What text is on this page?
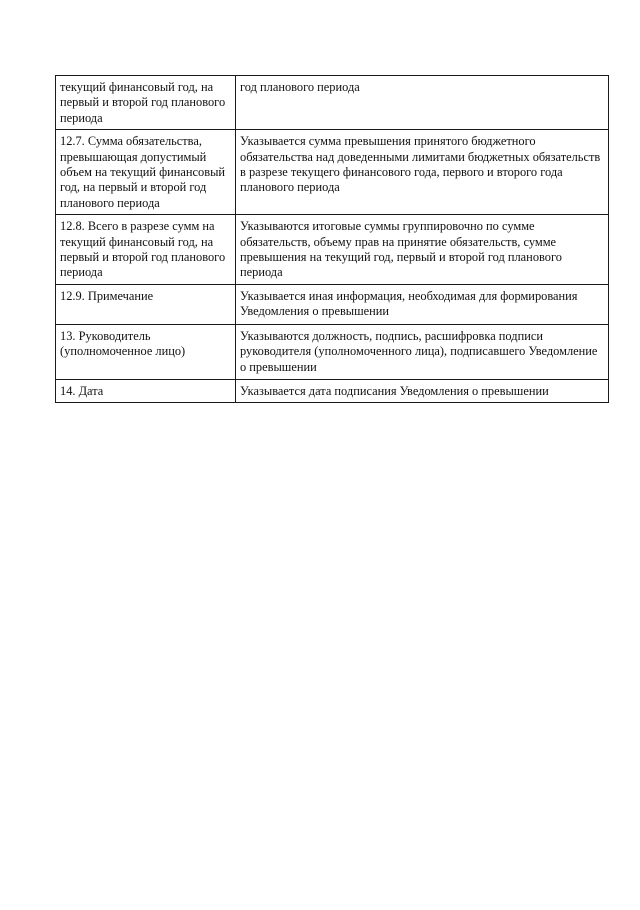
текущий финансовый год, на первый и второй год планового периода	год планового периода
12.7. Сумма обязательства, превышающая допустимый объем на текущий финансовый год, на первый и второй год планового периода	Указывается сумма превышения принятого бюджетного обязательства над доведенными лимитами бюджетных обязательств в разрезе текущего финансового года, первого и второго года планового периода
12.8. Всего в разрезе сумм на текущий финансовый год, на первый и второй год планового периода	Указываются итоговые суммы группировочно по сумме обязательств, объему прав на принятие обязательств, сумме превышения на текущий год, первый и второй год планового периода
12.9. Примечание	Указывается иная информация, необходимая для формирования Уведомления о превышении
13. Руководитель (уполномоченное лицо)	Указываются должность, подпись, расшифровка подписи руководителя (уполномоченного лица), подписавшего Уведомление о превышении
14. Дата	Указывается дата подписания Уведомления о превышении
